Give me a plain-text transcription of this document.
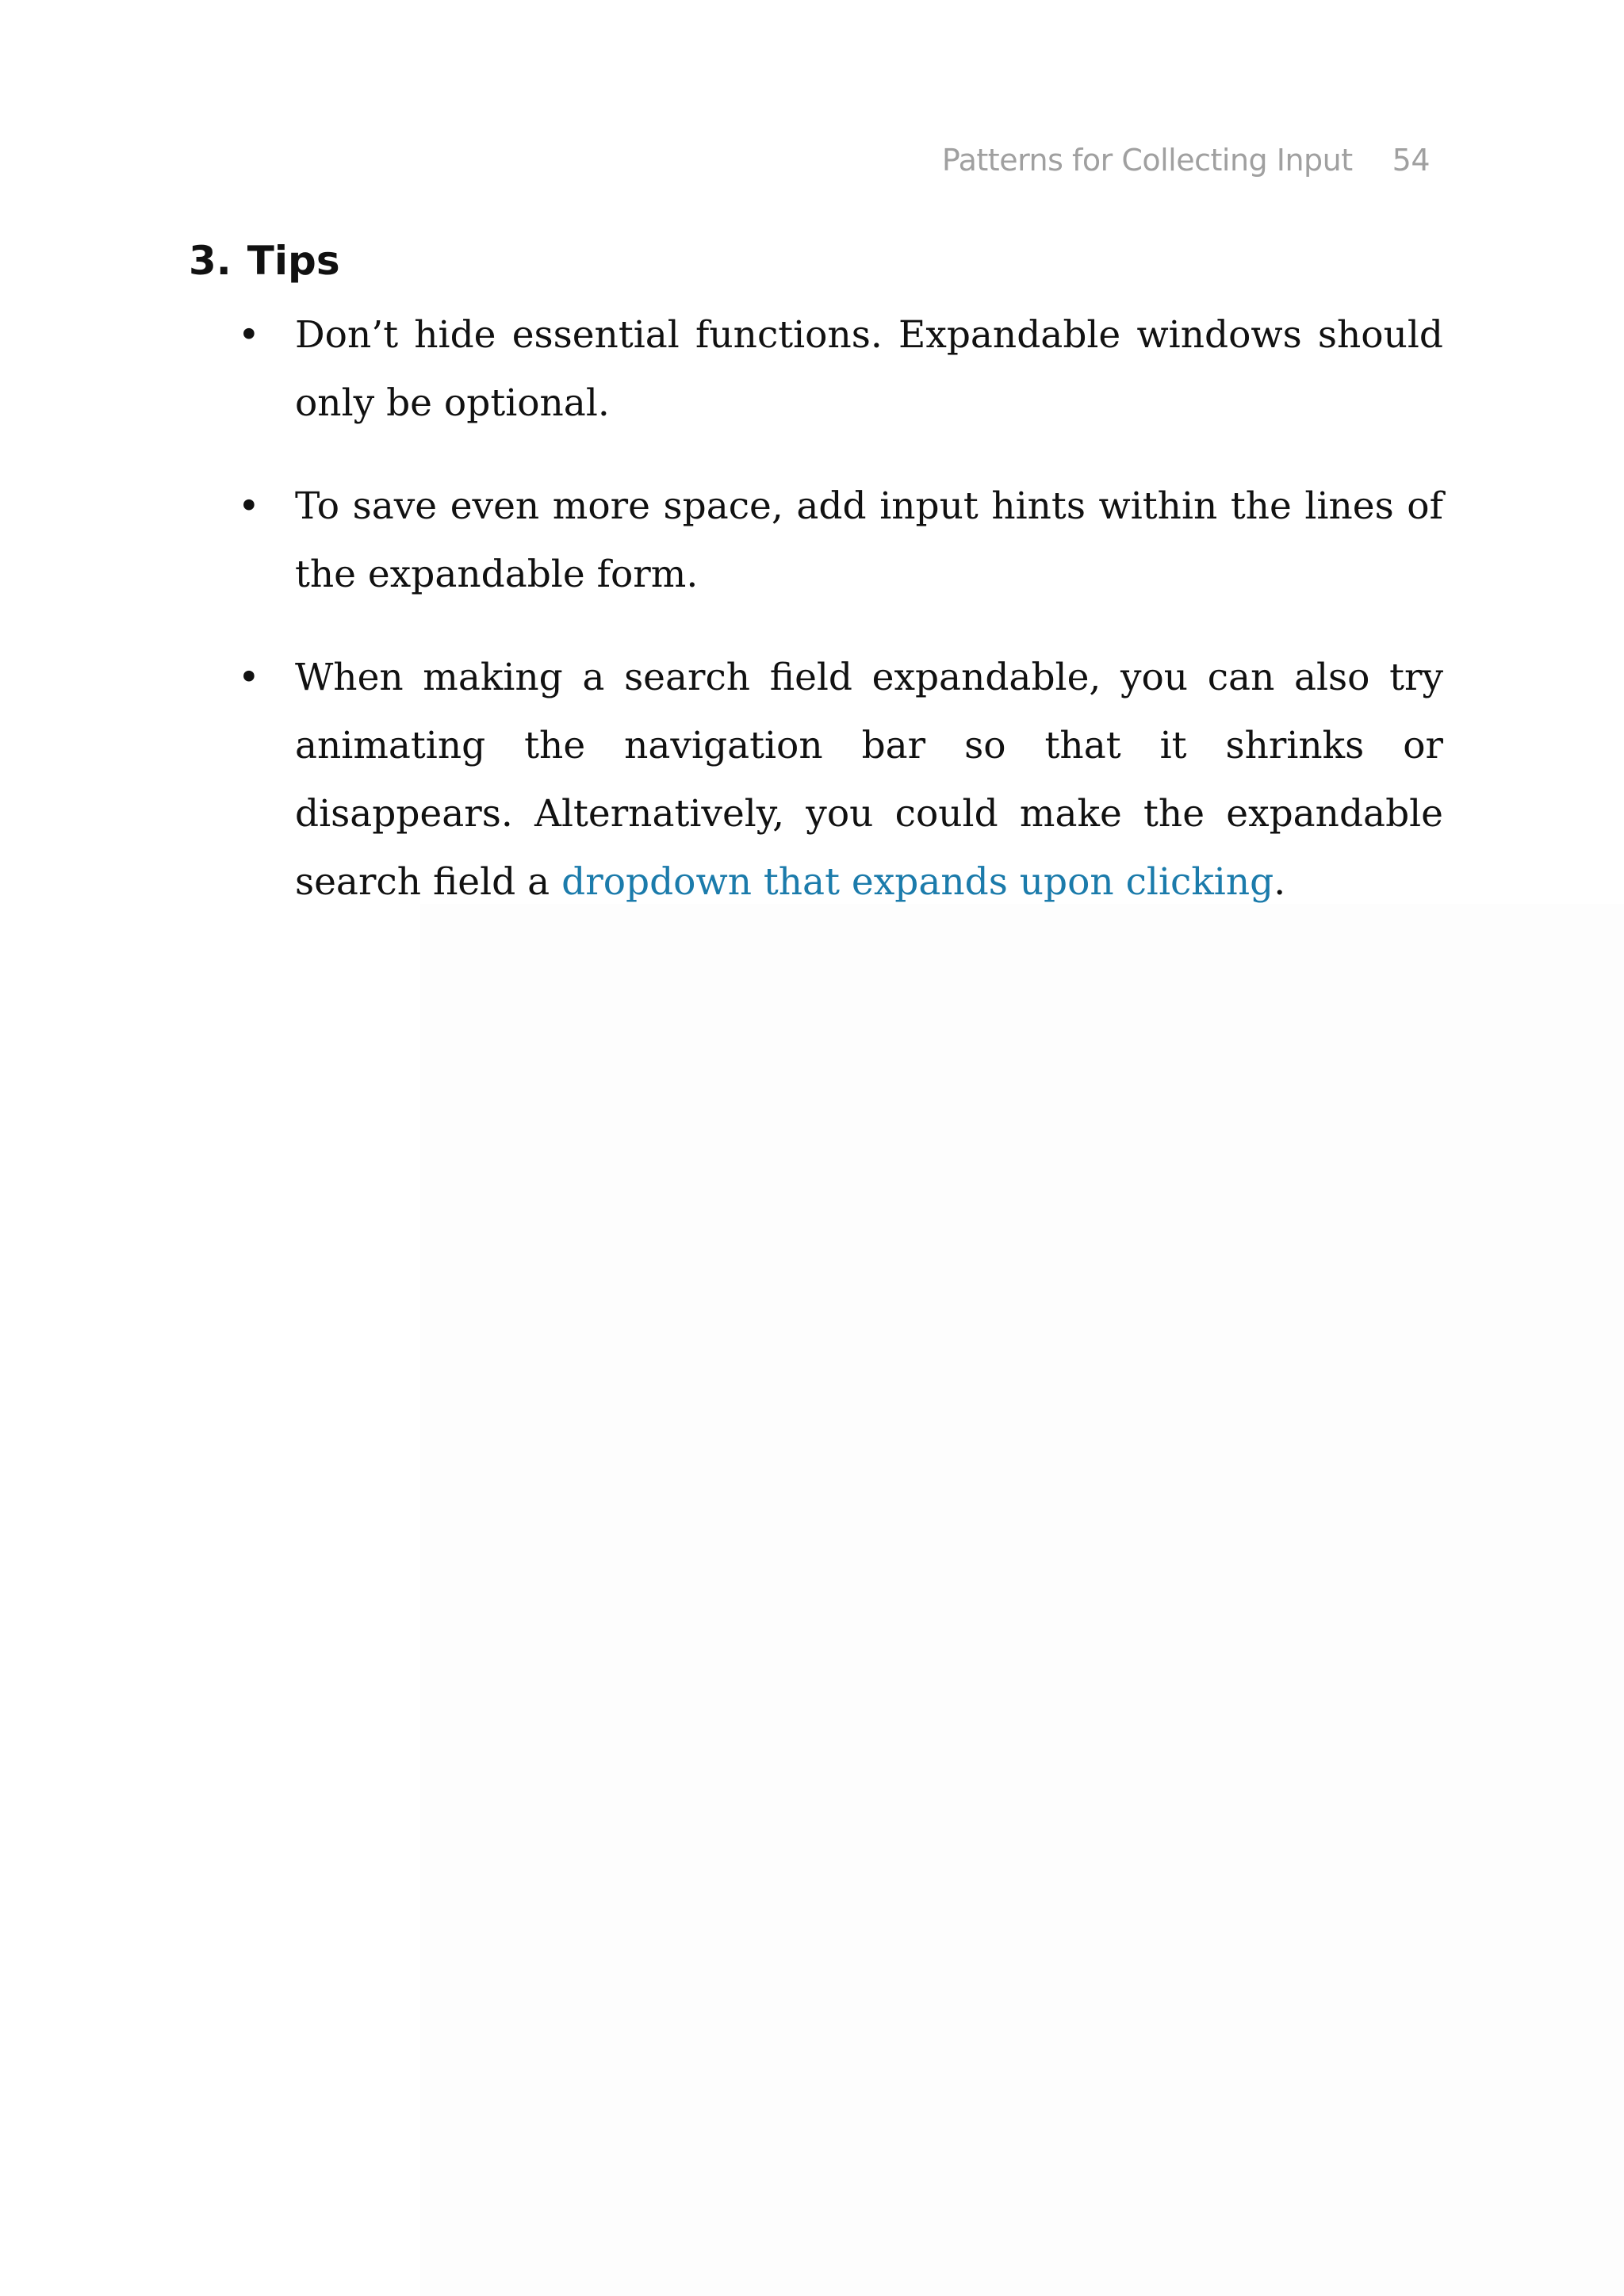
Patterns for Collecting Input 54
3. Tips
• Don’t hide essential functions. Expandable windows should only be optional.
• To save even more space, add input hints within the lines of the expandable form.
• When making a search field expandable, you can also try animating the navigation bar so that it shrinks or disappears. Alternatively, you could make the expandable search field a dropdown that expands upon clicking.
